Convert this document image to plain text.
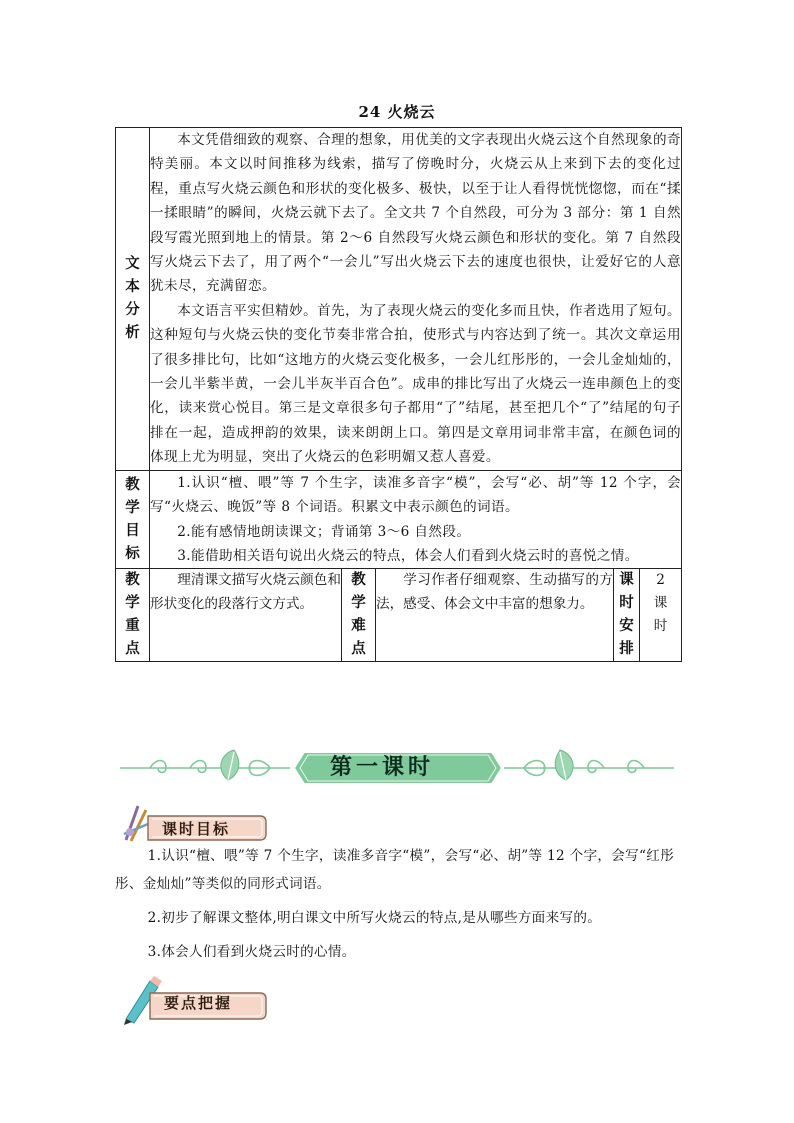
24 火烧云
文本分析	本文凭借细致的观察、合理的想象，用优美的文字表现出火烧云这个自然现象的奇特美丽。本文以时间推移为线索，描写了傍晚时分，火烧云从上来到下去的变化过程，重点写火烧云颜色和形状的变化极多、极快，以至于让人看得恍恍惚惚，而在“揉一揉眼睛”的瞬间，火烧云就下去了。全文共 7 个自然段，可分为 3 部分：第 1 自然段写霞光照到地上的情景。第 2～6 自然段写火烧云颜色和形状的变化。第 7 自然段写火烧云下去了，用了两个“一会儿”写出火烧云下去的速度也很快，让爱好它的人意犹未尽，充满留恋。

本文语言平实但精妙。首先，为了表现火烧云的变化多而且快，作者选用了短句。这种短句与火烧云快的变化节奏非常合拍，使形式与内容达到了统一。其次文章运用了很多排比句，比如“这地方的火烧云变化极多，一会儿红彤彤的，一会儿金灿灿的，一会儿半紫半黄，一会儿半灰半百合色”。成串的排比写出了火烧云一连串颜色上的变化，读来赏心悦目。第三是文章很多句子都用“了”结尾，甚至把几个“了”结尾的句子排在一起，造成押韵的效果，读来朗朗上口。第四是文章用词非常丰富，在颜色词的体现上尤为明显，突出了火烧云的色彩明媚又惹人喜爱。				

教学目标	1.认识“檀、喂”等 7 个生字，读准多音字“模”，会写“必、胡”等 12 个字，会写“火烧云、晚饭”等 8 个词语。积累文中表示颜色的词语。

2.能有感情地朗读课文；背诵第 3～6 自然段。

3.能借助相关语句说出火烧云的特点，体会人们看到火烧云时的喜悦之情。				

教学重点	理清课文描写火烧云颜色和形状变化的段落行文方式。	教学难点	学习作者仔细观察、生动描写的方法，感受、体会文中丰富的想象力。	课时安排	2 课时
第一课时
课时目标

1.认识“檀、喂”等 7 个生字，读准多音字“模”，会写“必、胡”等 12 个字，会写“红彤彤、金灿灿”等类似的同形式词语。

2.初步了解课文整体,明白课文中所写火烧云的特点,是从哪些方面来写的。

3.体会人们看到火烧云时的心情。

要点把握
